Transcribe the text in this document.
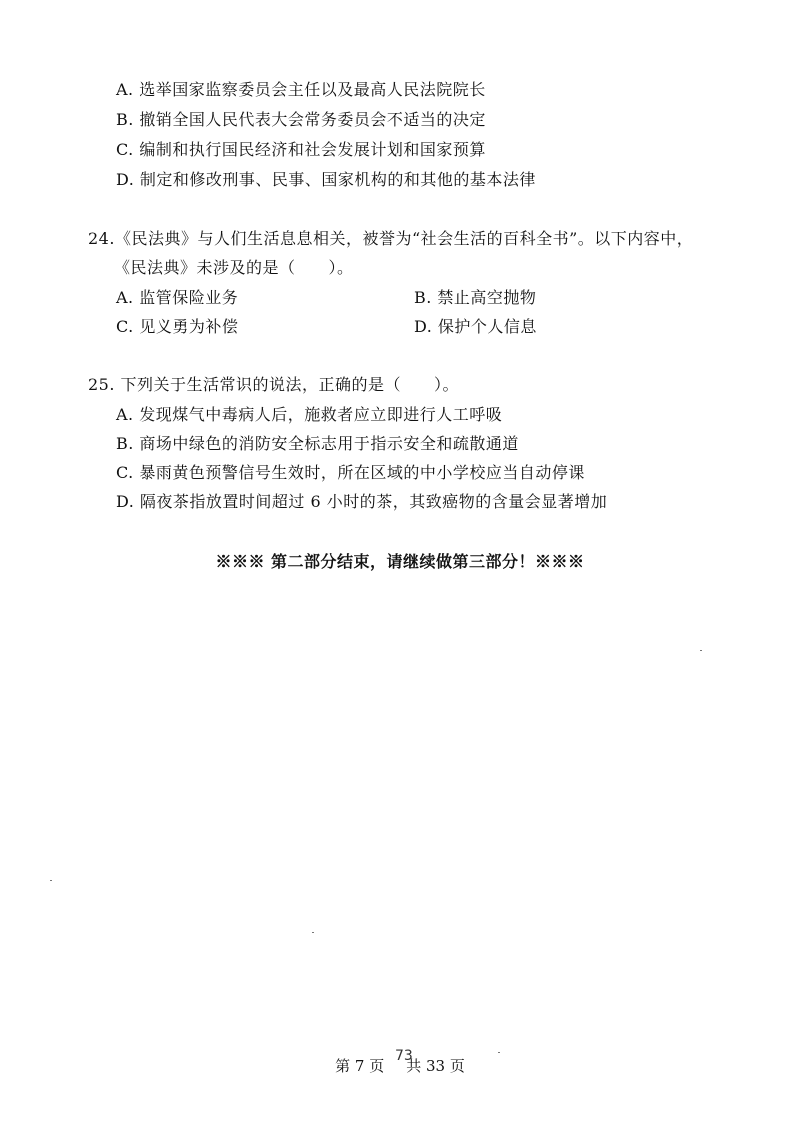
A. 选举国家监察委员会主任以及最高人民法院院长
B. 撤销全国人民代表大会常务委员会不适当的决定
C. 编制和执行国民经济和社会发展计划和国家预算
D. 制定和修改刑事、民事、国家机构的和其他的基本法律
24.《民法典》与人们生活息息相关，被誉为“社会生活的百科全书”。以下内容中，
《民法典》未涉及的是（　　）。
A. 监管保险业务	B. 禁止高空抛物
C. 见义勇为补偿	D. 保护个人信息
25. 下列关于生活常识的说法，正确的是（　　）。
A. 发现煤气中毒病人后，施救者应立即进行人工呼吸
B. 商场中绿色的消防安全标志用于指示安全和疏散通道
C. 暴雨黄色预警信号生效时，所在区域的中小学校应当自动停课
D. 隔夜茶指放置时间超过 6 小时的茶，其致癌物的含量会显著增加
※※※ 第二部分结束，请继续做第三部分！※※※
第 7 页 共 33 页
73
